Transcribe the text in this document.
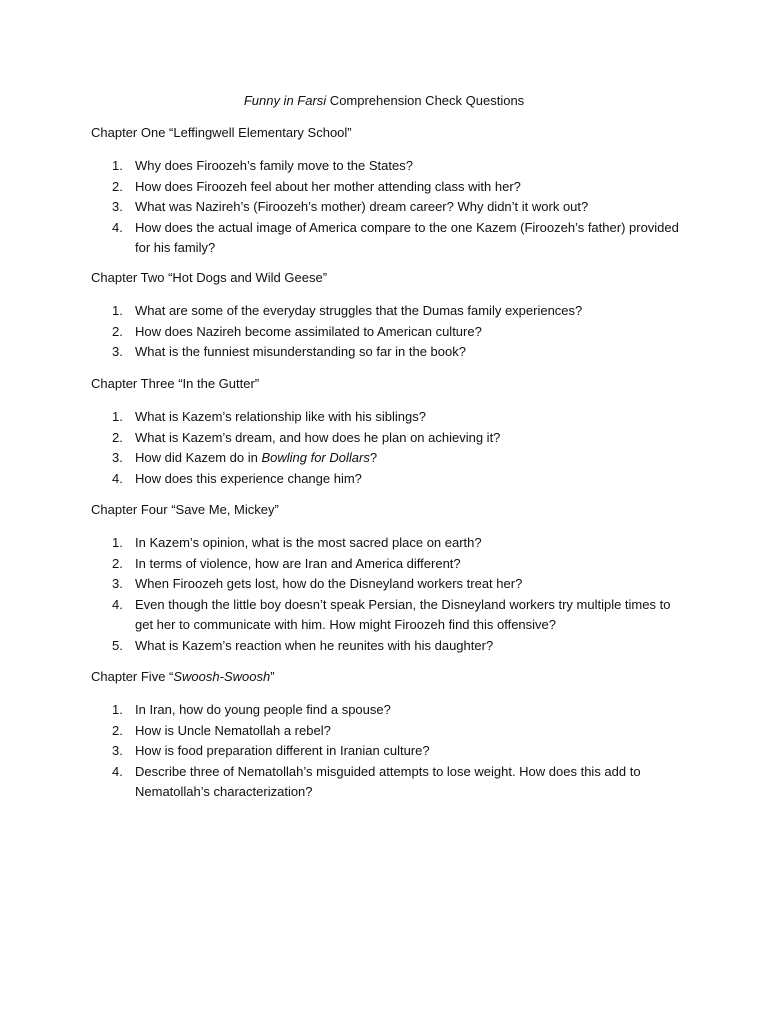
Funny in Farsi Comprehension Check Questions
Chapter One “Leffingwell Elementary School”
1. Why does Firoozeh’s family move to the States?
2. How does Firoozeh feel about her mother attending class with her?
3. What was Nazireh’s (Firoozeh’s mother) dream career? Why didn’t it work out?
4. How does the actual image of America compare to the one Kazem (Firoozeh’s father) provided for his family?
Chapter Two “Hot Dogs and Wild Geese”
1. What are some of the everyday struggles that the Dumas family experiences?
2. How does Nazireh become assimilated to American culture?
3. What is the funniest misunderstanding so far in the book?
Chapter Three “In the Gutter”
1. What is Kazem’s relationship like with his siblings?
2. What is Kazem’s dream, and how does he plan on achieving it?
3. How did Kazem do in Bowling for Dollars?
4. How does this experience change him?
Chapter Four “Save Me, Mickey”
1. In Kazem’s opinion, what is the most sacred place on earth?
2. In terms of violence, how are Iran and America different?
3. When Firoozeh gets lost, how do the Disneyland workers treat her?
4. Even though the little boy doesn’t speak Persian, the Disneyland workers try multiple times to get her to communicate with him. How might Firoozeh find this offensive?
5. What is Kazem’s reaction when he reunites with his daughter?
Chapter Five “Swoosh-Swoosh”
1. In Iran, how do young people find a spouse?
2. How is Uncle Nematollah a rebel?
3. How is food preparation different in Iranian culture?
4. Describe three of Nematollah’s misguided attempts to lose weight. How does this add to Nematollah’s characterization?
